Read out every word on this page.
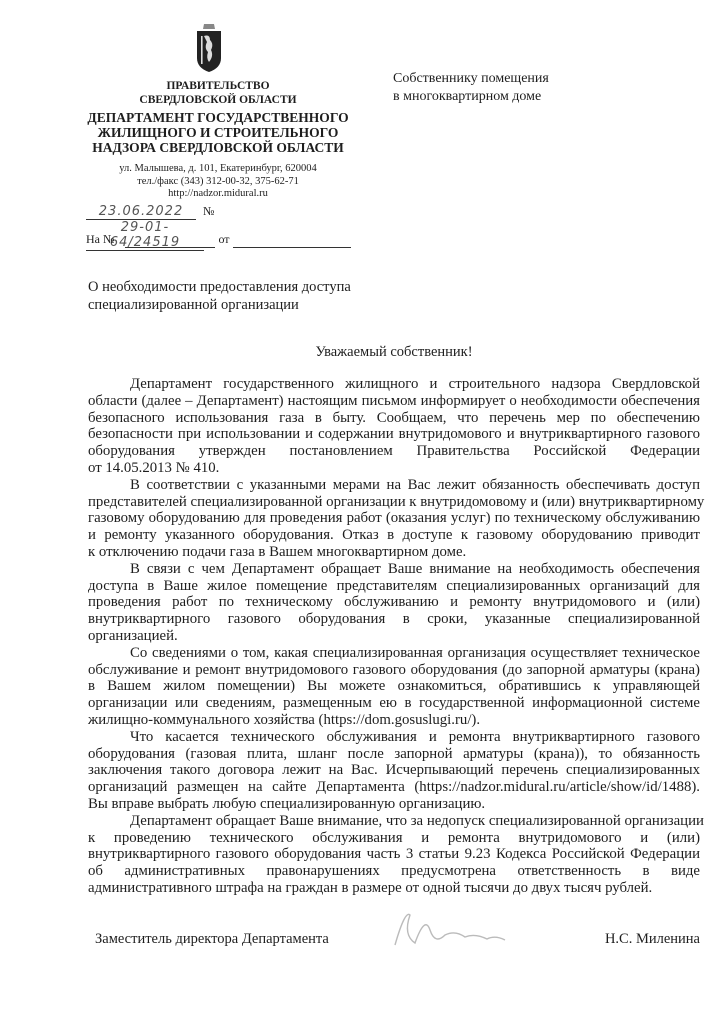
ПРАВИТЕЛЬСТВО
СВЕРДЛОВСКОЙ ОБЛАСТИ
ДЕПАРТАМЕНТ ГОСУДАРСТВЕННОГО
ЖИЛИЩНОГО И СТРОИТЕЛЬНОГО
НАДЗОРА СВЕРДЛОВСКОЙ ОБЛАСТИ
ул. Малышева, д. 101, Екатеринбург, 620004
тел./факс (343) 312-00-32, 375-62-71
http://nadzor.midural.ru
23.06.2022 № 29-01-64/24519
На №	от
Собственнику помещения
в многоквартирном доме
О необходимости предоставления доступа
специализированной организации
Уважаемый собственник!
Департамент государственного жилищного и строительного надзора Свердловской
области (далее – Департамент) настоящим письмом информирует о необходимости обеспечения
безопасного использования газа в быту. Сообщаем, что перечень мер по обеспечению
безопасности при использовании и содержании внутридомового и внутриквартирного газового
оборудования утвержден постановлением Правительства Российской Федерации
от 14.05.2013 № 410.
В соответствии с указанными мерами на Вас лежит обязанность обеспечивать доступ
представителей специализированной организации к внутридомовому и (или) внутриквартирному
газовому оборудованию для проведения работ (оказания услуг) по техническому обслуживанию
и ремонту указанного оборудования. Отказ в доступе к газовому оборудованию приводит
к отключению подачи газа в Вашем многоквартирном доме.
В связи с чем Департамент обращает Ваше внимание на необходимость обеспечения
доступа в Ваше жилое помещение представителям специализированных организаций для
проведения работ по техническому обслуживанию и ремонту внутридомового и (или)
внутриквартирного газового оборудования в сроки, указанные специализированной
организацией.
Со сведениями о том, какая специализированная организация осуществляет техническое
обслуживание и ремонт внутридомового газового оборудования (до запорной арматуры (крана)
в Вашем жилом помещении) Вы можете ознакомиться, обратившись к управляющей
организации или сведениям, размещенным ею в государственной информационной системе
жилищно-коммунального хозяйства (https://dom.gosuslugi.ru/).
Что касается технического обслуживания и ремонта внутриквартирного газового
оборудования (газовая плита, шланг после запорной арматуры (крана)), то обязанность
заключения такого договора лежит на Вас. Исчерпывающий перечень специализированных
организаций размещен на сайте Департамента (https://nadzor.midural.ru/article/show/id/1488).
Вы вправе выбрать любую специализированную организацию.
Департамент обращает Ваше внимание, что за недопуск специализированной организации
к проведению технического обслуживания и ремонта внутридомового и (или)
внутриквартирного газового оборудования часть 3 статьи 9.23 Кодекса Российской Федерации
об административных правонарушениях предусмотрена ответственность в виде
административного штрафа на граждан в размере от одной тысячи до двух тысяч рублей.
Заместитель директора Департамента	Н.С. Миленина
